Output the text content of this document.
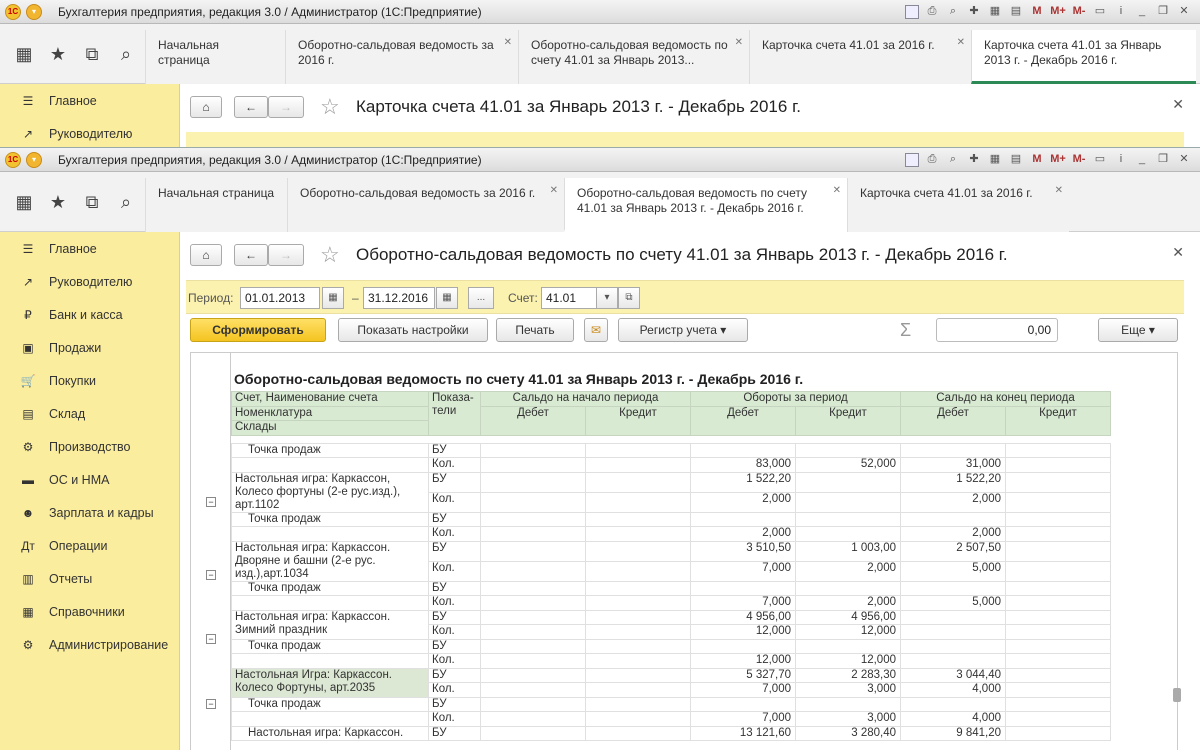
1C	▾	Бухгалтерия предприятия, редакция 3.0 / Администратор (1С:Предприятие)	⎙	⌕	✚	▦ ▤	M M+ M- ▭	i	_	❐	✕
▦ ★ ⧉ ⌕	Начальная страница
Оборотно-сальдовая ведомость за 2016 г.
✕	Оборотно-сальдовая ведомость по счету 41.01 за Январь 2013...
✕	Карточка счета 41.01 за 2016 г. ✕	Карточка счета 41.01 за Январь 2013 г. - Декабрь 2016 г.
☰ Главное
↗ Руководителю
⌂	←	→	☆ Карточка счета 41.01 за Январь 2013 г. - Декабрь 2016 г.	✕
1C	▾	Бухгалтерия предприятия, редакция 3.0 / Администратор (1С:Предприятие)	⎙	⌕	✚	▦ ▤	M M+ M- ▭	i	_	❐	✕
▦ ★ ⧉ ⌕	Начальная страница	Оборотно-сальдовая ведомость за 2016 г. ✕	Оборотно-сальдовая ведомость по счету 41.01 за Январь 2013 г. - Декабрь 2016 г.
✕	Карточка счета 41.01 за 2016 г. ✕
☰ Главное
↗ Руководителю
₽	Банк и касса
▣ Продажи
🛒 Покупки
▤ Склад
⚙ Производство
▬ ОС и НМА
☻ Зарплата и кадры
Дт Операции
▥ Отчеты
▦ Справочники
⚙ Администрирование
⌂	←	→	☆ Оборотно-сальдовая ведомость по счету 41.01 за Январь 2013 г. - Декабрь 2016 г.	✕
Период: 01.01.2013	▦	– 31.12.2016	▦	...	Счет: 41.01	▾	⧉
Сформировать	Показать настройки	Печать	✉	Регистр учета ▾	Σ	0,00	Еще ▾
Оборотно-сальдовая ведомость по счету 41.01 за Январь 2013 г. - Декабрь 2016 г.
Счет, Наименование счета	Показа-тели	Сальдо на начало периода		Обороты за период		Сальдо на конец периода	
Номенклатура		Дебет	Кредит	Дебет	Кредит	Дебет	Кредит
Склады							

Точка продаж	БУ						
	Кол.			83,000	52,000	31,000	
Настольная игра: Каркассон, Колесо фортуны (2-е рус.изд.), арт.1102	БУ			1 522,20		1 522,20	
	Кол.			2,000		2,000	
Точка продаж	БУ						
	Кол.			2,000		2,000	
Настольная игра: Каркассон. Дворяне и башни (2-е рус. изд.),арт.1034	БУ			3 510,50	1 003,00	2 507,50	
	Кол.			7,000	2,000	5,000	
Точка продаж	БУ						
	Кол.			7,000	2,000	5,000	
Настольная игра: Каркассон. Зимний праздник	БУ			4 956,00	4 956,00		
	Кол.			12,000	12,000		
Точка продаж	БУ						
	Кол.			12,000	12,000		
Настольная Игра: Каркассон. Колесо Фортуны, арт.2035	БУ			5 327,70	2 283,30	3 044,40	
	Кол.			7,000	3,000	4,000	
Точка продаж	БУ						
	Кол.			7,000	3,000	4,000	
Настольная игра: Каркассон.	БУ			13 121,60	3 280,40	9 841,20	
−
−
−
−
